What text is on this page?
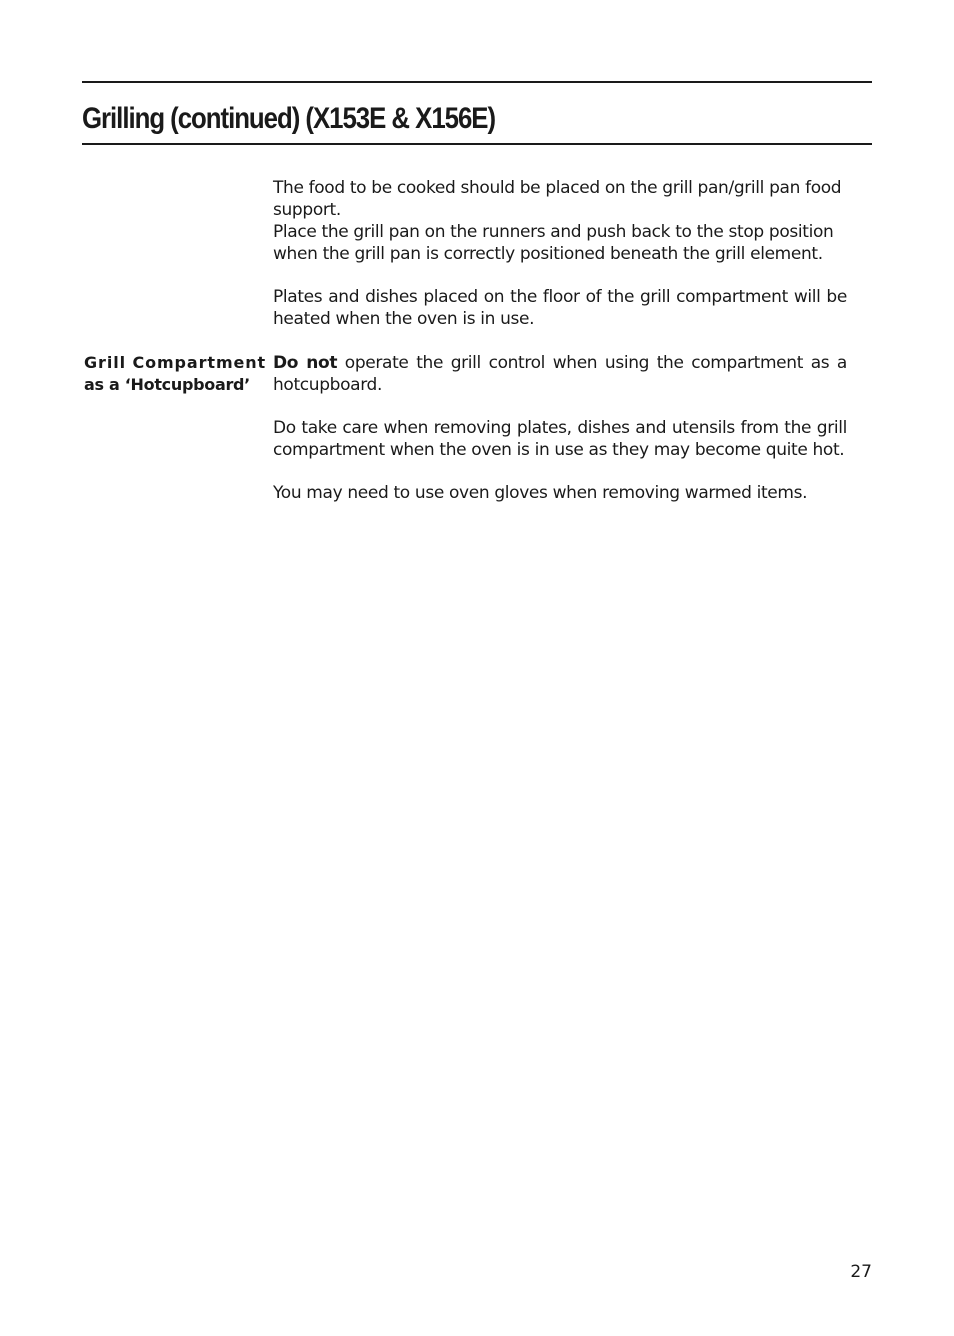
Grilling (continued) (X153E & X156E)

The food to be cooked should be placed on the grill pan/grill pan food support.

Place the grill pan on the runners and push back to the stop position when the grill pan is correctly positioned beneath the grill element.

Plates and dishes placed on the floor of the grill compartment will be heated when the oven is in use.

Grill Compartment
as a ‘Hotcupboard’

Do not operate the grill control when using the compartment as a hotcupboard.

Do take care when removing plates, dishes and utensils from the grill compartment when the oven is in use as they may become quite hot.

You may need to use oven gloves when removing warmed items.

27
